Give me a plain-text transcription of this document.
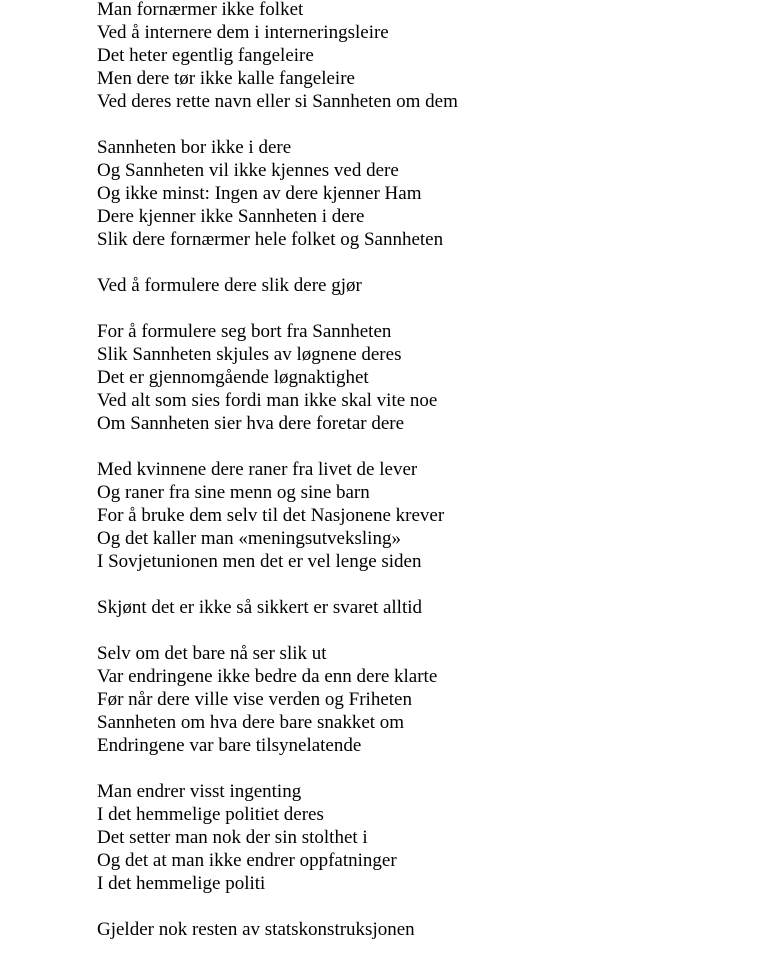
Man fornærmer ikke folket
Ved å internere dem i interneringsleire
Det heter egentlig fangeleire
Men dere tør ikke kalle fangeleire
Ved deres rette navn eller si Sannheten om dem
Sannheten bor ikke i dere
Og Sannheten vil ikke kjennes ved dere
Og ikke minst: Ingen av dere kjenner Ham
Dere kjenner ikke Sannheten i dere
Slik dere fornærmer hele folket og Sannheten
Ved å formulere dere slik dere gjør
For å formulere seg bort fra Sannheten
Slik Sannheten skjules av løgnene deres
Det er gjennomgående løgnaktighet
Ved alt som sies fordi man ikke skal vite noe
Om Sannheten sier hva dere foretar dere
Med kvinnene dere raner fra livet de lever
Og raner fra sine menn og sine barn
For å bruke dem selv til det Nasjonene krever
Og det kaller man «meningsutveksling»
I Sovjetunionen men det er vel lenge siden
Skjønt det er ikke så sikkert er svaret alltid
Selv om det bare nå ser slik ut
Var endringene ikke bedre da enn dere klarte
Før når dere ville vise verden og Friheten
Sannheten om hva dere bare snakket om
Endringene var bare tilsynelatende
Man endrer visst ingenting
I det hemmelige politiet deres
Det setter man nok der sin stolthet i
Og det at man ikke endrer oppfatninger
I det hemmelige politi
Gjelder nok resten av statskonstruksjonen
